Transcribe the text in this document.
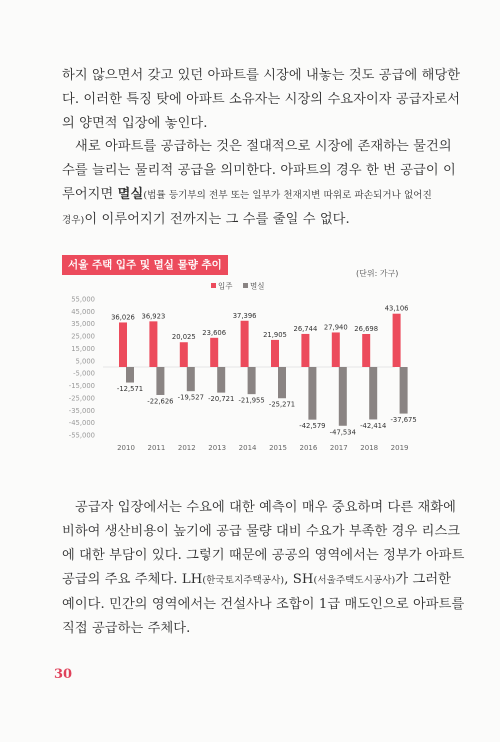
하지 않으면서 갖고 있던 아파트를 시장에 내놓는 것도 공급에 해당한
다. 이러한 특징 탓에 아파트 소유자는 시장의 수요자이자 공급자로서
의 양면적 입장에 놓인다.
새로 아파트를 공급하는 것은 절대적으로 시장에 존재하는 물건의
수를 늘리는 물리적 공급을 의미한다. 아파트의 경우 한 번 공급이 이
루어지면 멸실(법률 등기부의 전부 또는 일부가 천재지변 따위로 파손되거나 없어진
경우)이 이루어지기 전까지는 그 수를 줄일 수 없다.
서울 주택 입주 및 멸실 물량 추이
(단위: 가구)
입주 멸실
55,000
45,000
35,000
25,000
15,000
5,000
-5,000
-15,000
-25,000
-35,000
-45,000
-55,000
36,026
-12,571
2010
36,923
-22,626
2011
20,025
-19,527
2012
23,606
-20,721
2013
37,396
-21,955
2014
21,905
-25,271
2015
26,744
-42,579
2016
27,940
-47,534
2017
26,698
-42,414
2018
43,106
-37,675
2019
공급자 입장에서는 수요에 대한 예측이 매우 중요하며 다른 재화에
비하여 생산비용이 높기에 공급 물량 대비 수요가 부족한 경우 리스크
에 대한 부담이 있다. 그렇기 때문에 공공의 영역에서는 정부가 아파트
공급의 주요 주체다. LH(한국토지주택공사), SH(서울주택도시공사)가 그러한
예이다. 민간의 영역에서는 건설사나 조합이 1급 매도인으로 아파트를
직접 공급하는 주체다.
30
